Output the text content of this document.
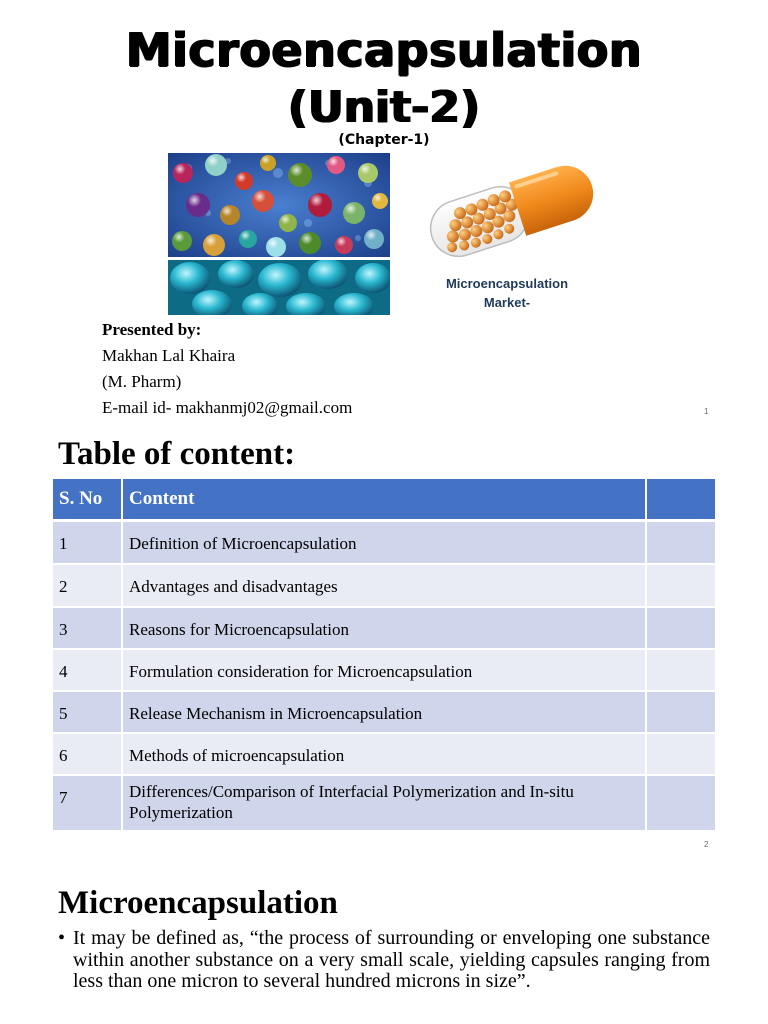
Microencapsulation
(Unit-2)
(Chapter-1)
Microencapsulation
Market-
Presented by:
Makhan Lal Khaira
(M. Pharm)
E-mail id- makhanmj02@gmail.com	1
Table of content:
S. No	Content	
1	Definition of Microencapsulation	
2	Advantages and disadvantages	
3	Reasons for Microencapsulation	
4	Formulation consideration for Microencapsulation	
5	Release Mechanism in Microencapsulation	
6	Methods of microencapsulation	
7	Differences/Comparison of Interfacial Polymerization and In-situ Polymerization	
2
Microencapsulation
• It may be defined as, “the process of surrounding or enveloping one substance within another substance on a very small scale, yielding capsules ranging from less than one micron to several hundred microns in size”.
